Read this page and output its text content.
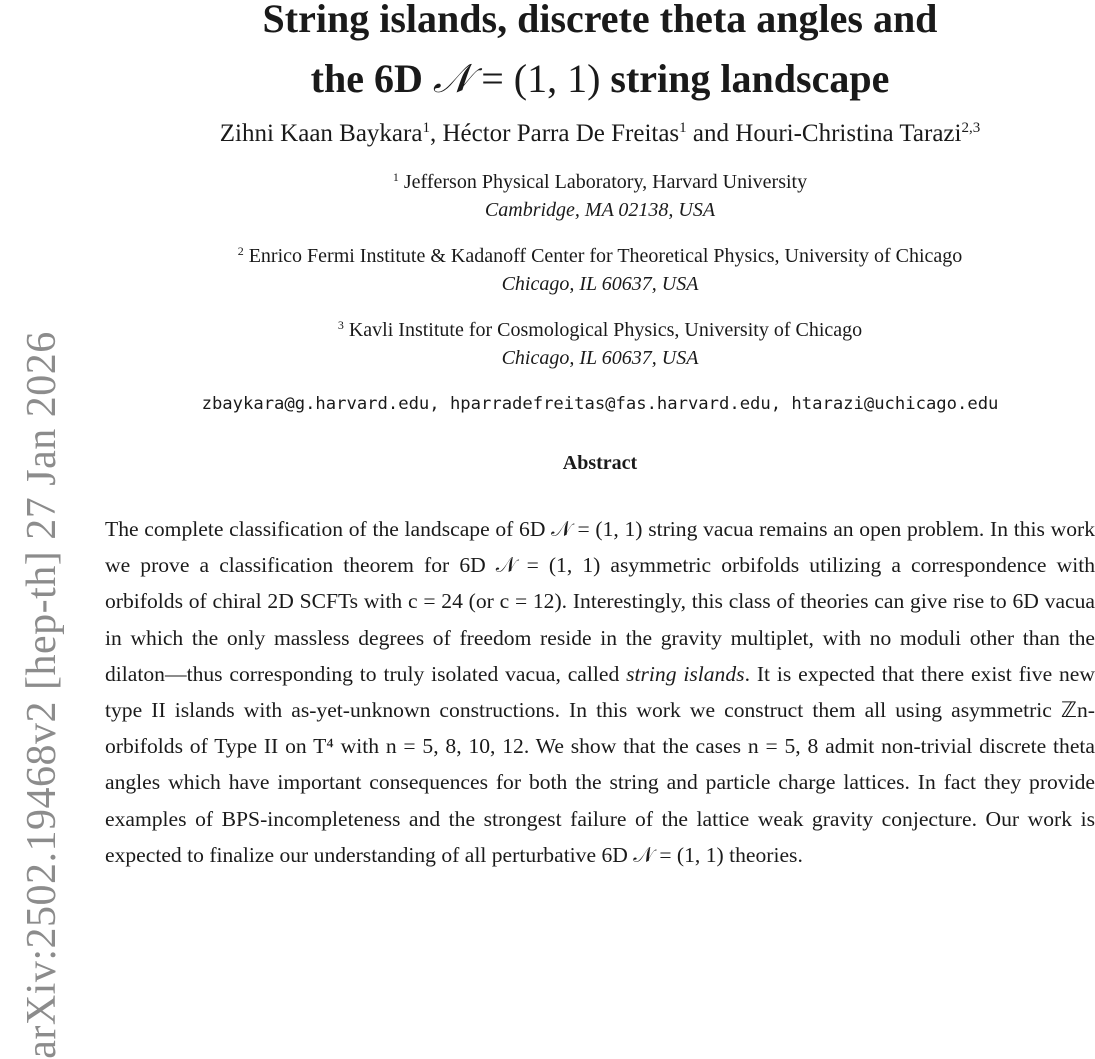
arXiv:2502.19468v2 [hep-th] 27 Jan 2026
String islands, discrete theta angles and
the 6D 𝒩 = (1, 1) string landscape
Zihni Kaan Baykara$^1$, Héctor Parra De Freitas$^1$ and Houri-Christina Tarazi$^{2,3}$
$^1$ Jefferson Physical Laboratory, Harvard University
Cambridge, MA 02138, USA
$^2$ Enrico Fermi Institute & Kadanoff Center for Theoretical Physics, University of Chicago
Chicago, IL 60637, USA
$^3$ Kavli Institute for Cosmological Physics, University of Chicago
Chicago, IL 60637, USA
zbaykara@g.harvard.edu, hparradefreitas@fas.harvard.edu, htarazi@uchicago.edu
Abstract
The complete classification of the landscape of 6D 𝒩 = (1, 1) string vacua remains an open problem. In this work we prove a classification theorem for 6D 𝒩 = (1, 1) asymmetric orbifolds utilizing a correspondence with orbifolds of chiral 2D SCFTs with c = 24 (or c = 12). Interestingly, this class of theories can give rise to 6D vacua in which the only massless degrees of freedom reside in the gravity multiplet, with no moduli other than the dilaton—thus corresponding to truly isolated vacua, called string islands. It is expected that there exist five new type II islands with as-yet-unknown constructions. In this work we construct them all using asymmetric ℤn-orbifolds of Type II on T⁴ with n = 5, 8, 10, 12. We show that the cases n = 5, 8 admit non-trivial discrete theta angles which have important consequences for both the string and particle charge lattices. In fact they provide examples of BPS-incompleteness and the strongest failure of the lattice weak gravity conjecture. Our work is expected to finalize our understanding of all perturbative 6D 𝒩 = (1, 1) theories.
